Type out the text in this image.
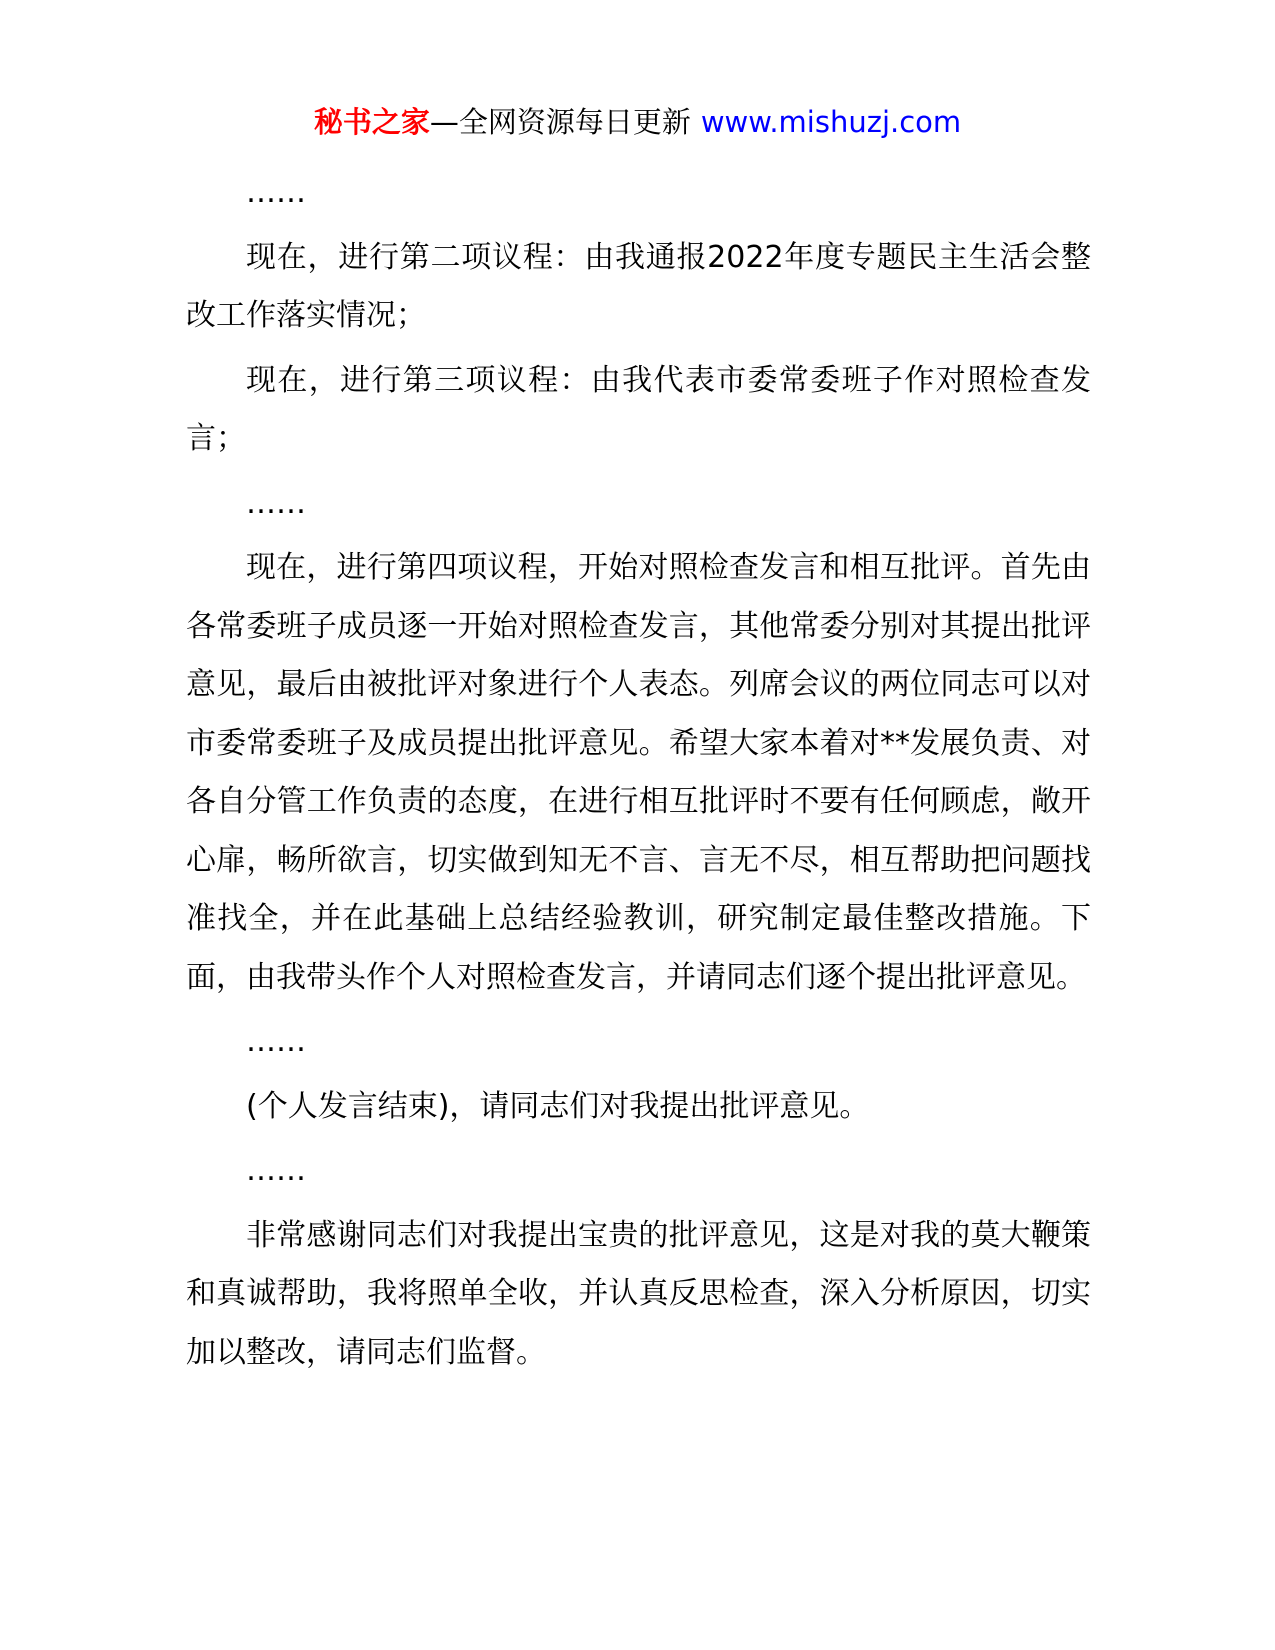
秘书之家—全网资源每日更新 www.mishuzj.com

……

现在，进行第二项议程：由我通报2022年度专题民主生活会整改工作落实情况；

现在，进行第三项议程：由我代表市委常委班子作对照检查发言；

……

现在，进行第四项议程，开始对照检查发言和相互批评。首先由各常委班子成员逐一开始对照检查发言，其他常委分别对其提出批评意见，最后由被批评对象进行个人表态。列席会议的两位同志可以对市委常委班子及成员提出批评意见。希望大家本着对**发展负责、对各自分管工作负责的态度，在进行相互批评时不要有任何顾虑，敞开心扉，畅所欲言，切实做到知无不言、言无不尽，相互帮助把问题找准找全，并在此基础上总结经验教训，研究制定最佳整改措施。下面，由我带头作个人对照检查发言，并请同志们逐个提出批评意见。

……

(个人发言结束)，请同志们对我提出批评意见。

……

非常感谢同志们对我提出宝贵的批评意见，这是对我的莫大鞭策和真诚帮助，我将照单全收，并认真反思检查，深入分析原因，切实加以整改，请同志们监督。
